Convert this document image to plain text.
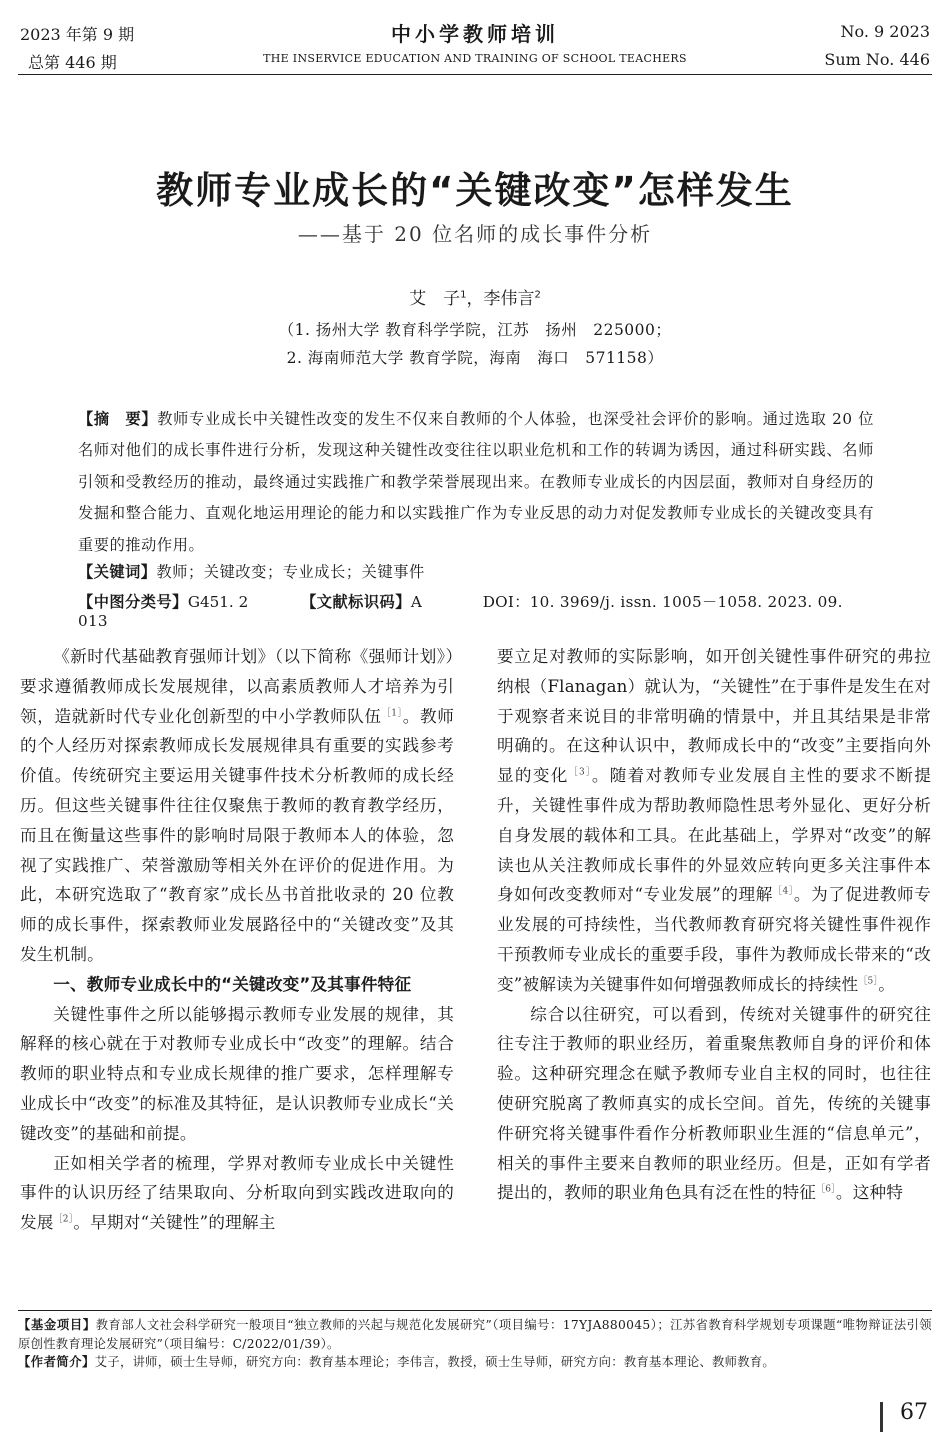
2023 年第 9 期
总第 446 期
中小学教师培训
THE INSERVICE EDUCATION AND TRAINING OF SCHOOL TEACHERS
No. 9 2023
Sum No. 446
教师专业成长的“关键改变”怎样发生
——基于 20 位名师的成长事件分析
艾　子$^1$，李伟言$^2$
（1. 扬州大学 教育科学学院，江苏　扬州　225000；
2. 海南师范大学 教育学院，海南　海口　571158）
【摘　要】教师专业成长中关键性改变的发生不仅来自教师的个人体验，也深受社会评价的影响。通过选取 20 位名师对他们的成长事件进行分析，发现这种关键性改变往往以职业危机和工作的转调为诱因，通过科研实践、名师引领和受教经历的推动，最终通过实践推广和教学荣誉展现出来。在教师专业成长的内因层面，教师对自身经历的发掘和整合能力、直观化地运用理论的能力和以实践推广作为专业反思的动力对促发教师专业成长的关键改变具有重要的推动作用。
【关键词】教师；关键改变；专业成长；关键事件
【中图分类号】G451. 2	【文献标识码】A	DOI：10. 3969/j. issn. 1005－1058. 2023. 09. 013

《新时代基础教育强师计划》（以下简称《强师计划》）要求遵循教师成长发展规律，以高素质教师人才培养为引领，造就新时代专业化创新型的中小学教师队伍$^{[1]}$。教师的个人经历对探索教师成长发展规律具有重要的实践参考价值。传统研究主要运用关键事件技术分析教师的成长经历。但这些关键事件往往仅聚焦于教师的教育教学经历，而且在衡量这些事件的影响时局限于教师本人的体验，忽视了实践推广、荣誉激励等相关外在评价的促进作用。为此，本研究选取了“教育家”成长丛书首批收录的 20 位教师的成长事件，探索教师业发展路径中的“关键改变”及其发生机制。

一、教师专业成长中的“关键改变”及其事件特征

关键性事件之所以能够揭示教师专业发展的规律，其解释的核心就在于对教师专业成长中“改变”的理解。结合教师的职业特点和专业成长规律的推广要求，怎样理解专业成长中“改变”的标准及其特征，是认识教师专业成长“关键改变”的基础和前提。

正如相关学者的梳理，学界对教师专业成长中关键性事件的认识历经了结果取向、分析取向到实践改进取向的发展$^{[2]}$。早期对“关键性”的理解主

要立足对教师的实际影响，如开创关键性事件研究的弗拉纳根（Flanagan）就认为，“关键性”在于事件是发生在对于观察者来说目的非常明确的情景中，并且其结果是非常明确的。在这种认识中，教师成长中的“改变”主要指向外显的变化$^{[3]}$。随着对教师专业发展自主性的要求不断提升，关键性事件成为帮助教师隐性思考外显化、更好分析自身发展的载体和工具。在此基础上，学界对“改变”的解读也从关注教师成长事件的外显效应转向更多关注事件本身如何改变教师对“专业发展”的理解$^{[4]}$。为了促进教师专业发展的可持续性，当代教师教育研究将关键性事件视作干预教师专业成长的重要手段，事件为教师成长带来的“改变”被解读为关键事件如何增强教师成长的持续性$^{[5]}$。

综合以往研究，可以看到，传统对关键事件的研究往往专注于教师的职业经历，着重聚焦教师自身的评价和体验。这种研究理念在赋予教师专业自主权的同时，也往往使研究脱离了教师真实的成长空间。首先，传统的关键事件研究将关键事件看作分析教师职业生涯的“信息单元”，相关的事件主要来自教师的职业经历。但是，正如有学者提出的，教师的职业角色具有泛在性的特征$^{[6]}$。这种特

【基金项目】教育部人文社会科学研究一般项目“独立教师的兴起与规范化发展研究”（项目编号：17YJA880045）；江苏省教育科学规划专项课题“唯物辩证法引领原创性教育理论发展研究”（项目编号：C/2022/01/39）。
【作者简介】艾子，讲师，硕士生导师，研究方向：教育基本理论；李伟言，教授，硕士生导师，研究方向：教育基本理论、教师教育。
67
